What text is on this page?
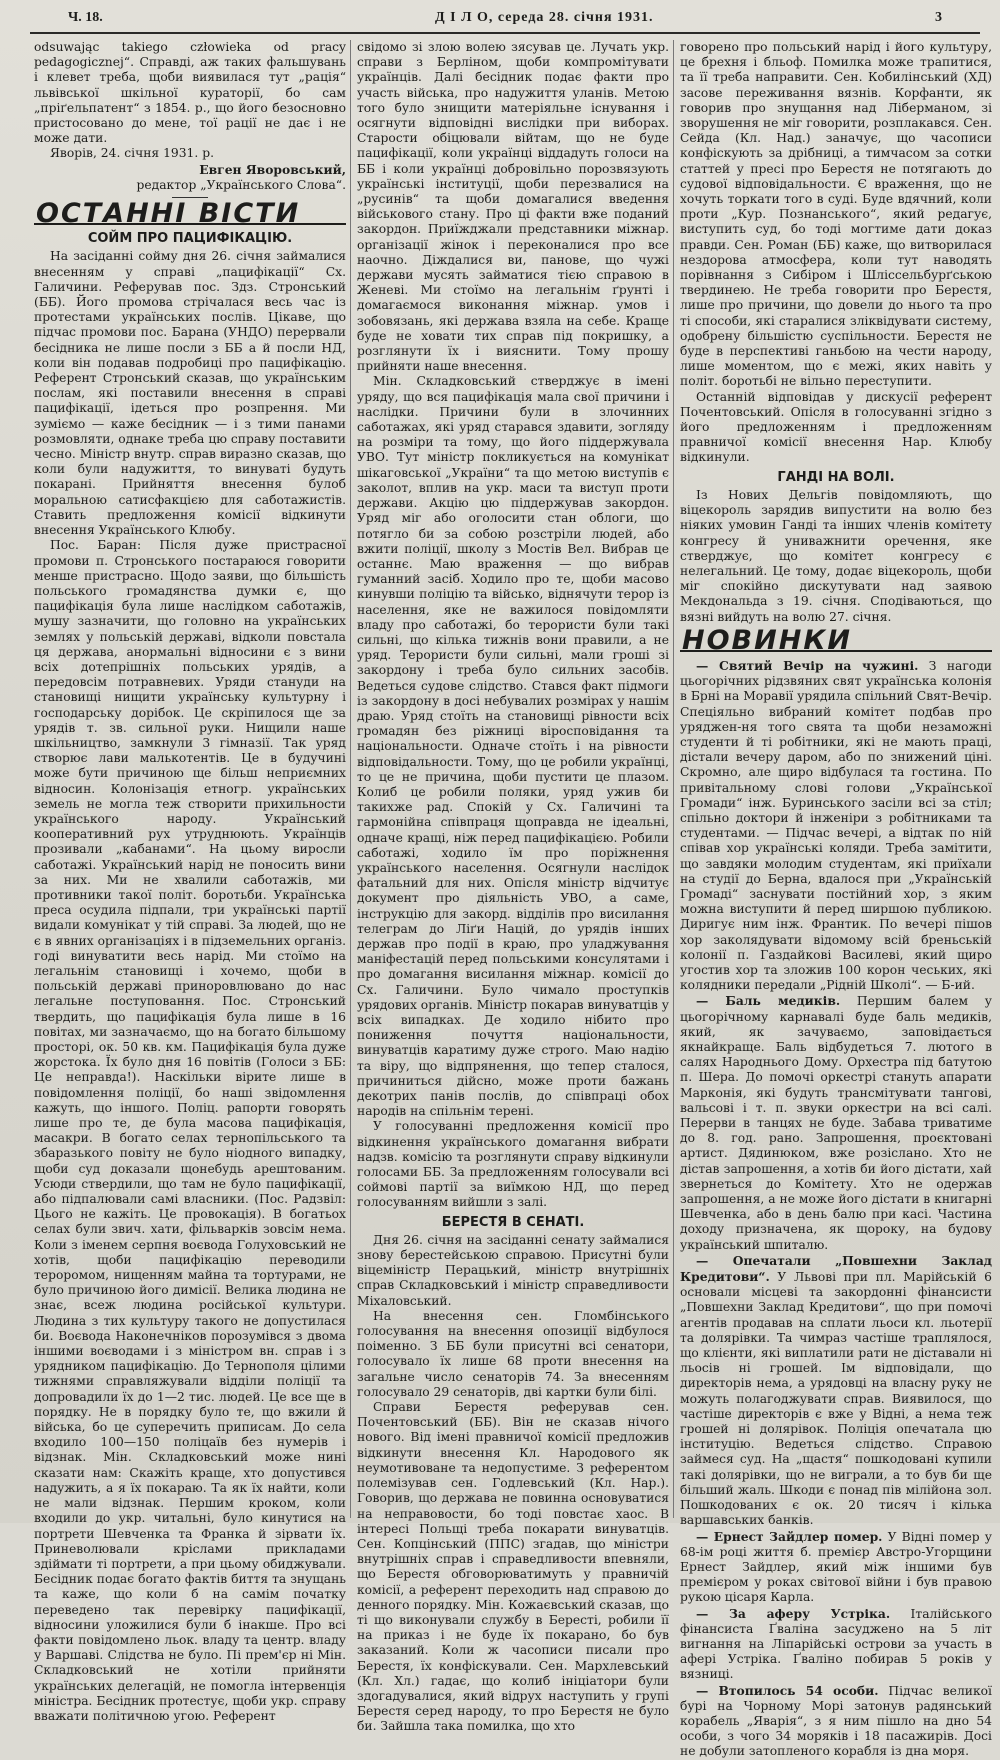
Ч. 18.	Д І Л О, середа 28. січня 1931.	3

odsuwając takiego człowieka od pracy pedagogicznej“. Справді, аж таких фальшувань і клевет треба, щоби виявилася тут „рація“ львівської шкільної кураторії, бо сам „пріґельпатент“ з 1854. р., що його безосновно пристосовано до мене, тої рації не дає і не може дати.

Яворів, 24. січня 1931. р.

Евген Яворовський,

редактор „Українського Слова“.

ОСТАННІ ВІСТИ
СОЙМ ПРО ПАЦИФІКАЦІЮ.

На засіданні сойму дня 26. січня займалися внесенням у справі „пацифікації“ Сх. Галичини. Реферував пос. Здз. Стронський (ББ). Його промова стрічалася весь час із протестами українських послів. Цікаве, що підчас промови пос. Барана (УНДО) перервали бесідника не лише посли з ББ а й посли НД, коли він подавав подробиці про пацифікацію. Референт Стронський сказав, що українським послам, які поставили внесення в справі пацифікації, ідеться про розпрення. Ми зуміємо — каже бесідник — і з тими панами розмовляти, однаке треба цю справу поставити чесно. Міністр внутр. справ виразно сказав, що коли були надужиття, то винуваті будуть покарані. Прийняття внесення булоб моральною сатисфакцією для саботажистів. Ставить предложення комісії відкинути внесення Українського Клюбу.

Пос. Баран: Після дуже пристрасної промови п. Стронського постараюся говорити менше пристрасно. Щодо заяви, що більшість польського громадянства думки є, що пацифікація була лише наслідком саботажів, мушу зазначити, що головно на українських землях у польській державі, відколи повстала ця держава, анормальні відносини є з вини всіх дотепрішніх польських урядів, а передовсім потравневих. Уряди стануди на становищі нищити українську культурну і господарську дорібок. Це скріпилося ще за урядів т. зв. сильної руки. Нищили наше шкільництво, замкнули 3 гімназії. Так уряд створює лави малькотентів. Це в будучині може бути причиною ще більш неприємних відносин. Колонізація етногр. українських земель не могла теж створити прихильности українського народу. Український кооперативний рух утруднюють. Українців прозивали „кабанами“. На цьому виросли саботажі. Український нарід не поносить вини за них. Ми не хвалили саботажів, ми противники такої політ. боротьби. Українська преса осудила підпали, три українські партії видали комунікат у тій справі. За людей, що не є в явних організаціях і в підземельних організ. годі винуватити весь нарід. Ми стоїмо на легальнім становищі і хочемо, щоби в польській державі приноровлювано до нас легальне поступовання. Пос. Стронський твердить, що пацифікація була лише в 16 повітах, ми зазначаємо, що на богато більшому просторі, ок. 50 кв. км. Пацифікація була дуже жорстока. Їх було дня 16 повітів (Голоси з ББ: Це неправда!). Наскільки вірите лише в повідомлення поліції, бо наші звідомлення кажуть, що іншого. Поліц. рапорти говорять лише про те, де була масова пацифікація, масакри. В богато селах тернопільського та збаразького повіту не було ніодного випадку, щоби суд доказали щонебудь арештованим. Усюди ствердили, що там не було пацифікації, або підпалювали самі власники. (Пос. Радзвіл: Цього не кажіть. Це провокація). В богатьох селах були звич. хати, фільварків зовсім нема. Коли з іменем серпня воєвода Голуховський не хотів, щоби пацифікацію переводили тероромом, нищенням майна та тортурами, не було причиною його димісії. Велика людина не знає, всеж людина російської культури. Людина з тих культуру такого не допустилася би. Воєвода Наконечніков порозумівся з двома іншими воєводами і з міністром вн. справ і з урядником пацифікацію. До Тернополя цілими тижнями справляжували відділи поліції та допровадили їх до 1—2 тис. людей. Це все ще в порядку. Не в порядку було те, що вжили й війська, бо це суперечить приписам. До села входило 100—150 поліцаїв без нумерів і відзнак. Мін. Складковський може нині сказати нам: Скажіть краще, хто допустився надужить, а я їх покараю. Та як їх найти, коли не мали відзнак. Першим кроком, коли входили до укр. читальні, було кинутися на портрети Шевченка та Франка й зірвати їх. Приневолювали кріслами прикладами здіймати ті портрети, а при цьому обиджували. Бесідник подає богато фактів биття та знущань та каже, що коли б на самім початку переведено так перевірку пацифікації, відносини уложилися були б інакше. Про всі факти повідомлено льок. владу та центр. владу у Варшаві. Слідства не було. Пі прем'єр ні Мін. Складковський не хотіли прийняти українських делегацій, не помогла інтервенція міністра. Бесідник протестує, щоби укр. справу вважати політичною угою. Референт

свідомо зі злою волею зясував це. Лучать укр. справи з Берліном, щоби компромітувати українців. Далі бесідник подає факти про участь війська, про надужиття уланів. Метою того було знищити матеріяльне існування і осягнути відповідні вислідки при виборах. Старости обіцювали війтам, що не буде пацифікації, коли українці віддадуть голоси на ББ і коли українці добровільно порозвязують українські інституції, щоби перезвалися на „русинів“ та щоби домагалися введення військового стану. Про ці факти вже поданий закордон. Приїжджали представники міжнар. організації жінок і переконалися про все наочно. Діждалися ви, панове, що чужі держави мусять займатися тією справою в Женеві. Ми стоїмо на легальнім ґрунті і домагаємося виконання міжнар. умов і зобовязань, які держава взяла на себе. Краще буде не ховати тих справ під покришку, а розглянути їх і вияснити. Тому прошу прийняти наше внесення.

Мін. Складковський стверджує в імені уряду, що вся пацифікація мала свої причини і наслідки. Причини були в злочинних саботажах, які уряд старався здавити, зогляду на розміри та тому, що його піддержувала УВО. Тут міністр покликується на комунікат шікаговської „України“ та що метою виступів є заколот, вплив на укр. маси та виступ проти держави. Акцію цю піддержував закордон. Уряд міг або оголосити стан облоги, що потягло би за собою розстріли людей, або вжити поліції, школу з Мостів Вел. Вибрав це останнє. Маю враження — що вибрав гуманний засіб. Ходило про те, щоби масово кинувши поліцію та військо, віднячути терор із населення, яке не важилося повідомляти владу про саботажі, бо терористи були такі сильні, що кілька тижнів вони правили, а не уряд. Терористи були сильні, мали гроші зі закордону і треба було сильних засобів. Ведеться судове слідство. Стався факт підмоги із закордону в досі небувалих розмірах у нашім драю. Уряд стоїть на становищі рівности всіх громадян без ріжниці віросповідання та національности. Одначе стоїть і на рівности відповідальности. Тому, що це робили українці, то це не причина, щоби пустити це плазом. Колиб це робили поляки, уряд ужив би такихже рад. Спокій у Сх. Галичині та гармонійна співпраця щоправда не ідеальні, одначе кращі, ніж перед пацифікацією. Робили саботажі, ходило їм про поріжнення українського населення. Осягнули наслідок фатальний для них. Опісля міністр відчитує документ про діяльність УВО, а саме, інструкцію для закорд. відділів про висилання телеграм до Ліґи Націй, до урядів інших держав про події в краю, про уладжування маніфестацій перед польськими консулятами і про домагання висилання міжнар. комісії до Сх. Галичини. Було чимало проступків урядових органів. Міністр покарав винуватців у всіх випадках. Де ходило нібито про пониження почуття національности, винуватців каратиму дуже строго. Маю надію та віру, що відпрянення, що тепер сталося, причиниться дійсно, може проти бажань декотрих панів послів, до співпраці обох народів на спільнім терені.

У голосуванні предложення комісії про відкинення українського домагання вибрати надзв. комісію та розглянути справу відкинули голосами ББ. За предложенням голосували всі соймові партії за виїмкою НД, що перед голосуванням вийшли з залі.

БЕРЕСТЯ В СЕНАТІ.

Дня 26. січня на засіданні сенату займалися знову берестейською справою. Присутні були віцеміністр Перацький, міністр внутрішніх справ Складковський і міністр справедливости Міхаловський.

На внесення сен. Гломбінського голосування на внесення опозиції відбулося поіменно. З ББ були присутні всі сенатори, голосувало їх лише 68 проти внесення на загальне число сенаторів 74. За внесенням голосувало 29 сенаторів, дві картки були білі.

Справи Берестя реферував сен. Почентовський (ББ). Він не сказав нічого нового. Від імені правничої комісії предложив відкинути внесення Кл. Народового як неумотивоване та недопустиме. З референтом полемізував сен. Годлевський (Кл. Нар.). Говорив, що держава не повинна основуватися на неправовости, бо тоді повстає хаос. В інтересі Польщі треба покарати винуватців. Сен. Копцінський (ППС) згадав, що міністри внутрішніх справ і справедливости впевняли, що Берестя обговорюватимуть у правничій комісії, а референт переходить над справою до денного порядку. Мін. Кожаєвський сказав, що ті що виконували службу в Бересті, робили її на приказ і не буде їх покарано, бо був заказаний. Коли ж часописи писали про Берестя, їх конфіскували. Сен. Мархлевський (Кл. Хл.) гадає, що колиб ініціатори були здогадувалися, який відрух наступить у групі Берестя серед народу, то про Берестя не було би. Зайшла така помилка, що хто

говорено про польський нарід і його культуру, це брехня і бльоф. Помилка може трапитися, та її треба направити. Сен. Кобилінський (ХД) засове переживання вязнів. Корфанти, як говорив про знущання над Ліберманом, зі зворушення не міг говорити, розплакався. Сен. Сейда (Кл. Над.) заначує, що часописи конфіскують за дрібниці, а тимчасом за сотки статтей у пресі про Берестя не потягають до судової відповідальности. Є враження, що не хочуть торкати того в суді. Буде вдячний, коли проти „Кур. Познанського“, який редагує, виступить суд, бо тоді могтиме дати доказ правди. Сен. Роман (ББ) каже, що витворилася нездорова атмосфера, коли тут наводять порівнання з Сибіром і Шліссельбурґською твердинею. Не треба говорити про Берестя, лише про причини, що довели до нього та про ті способи, які старалися зліквідувати систему, одобрену більшістю суспільности. Берестя не буде в перспективі ганьбою на чести народу, лише моментом, що є межі, яких навіть у політ. боротьбі не вільно переступити.

Останній відповідав у дискусії референт Почентовський. Опісля в голосуванні згідно з його предложенням і предложенням правничої комісії внесення Нар. Клюбу відкинули.

ГАНДІ НА ВОЛІ.

Із Нових Дельгів повідомляють, що віцекороль зарядив випустити на волю без ніяких умовин Ганді та інших членів комітету конгресу й униважнити оречення, яке стверджує, що комітет конгресу є нелегальний. Це тому, додає віцекороль, щоби міг спокійно дискутувати над заявою Мекдональда з 19. січня. Сподіваються, що вязні вийдуть на волю 27. січня.

НОВИНКИ

— Святий Вечір на чужині. З нагоди цьогорічних рідзвяних свят українська колонія в Брні на Моравії урядила спільний Свят-Вечір. Спеціяльно вибраний комітет подбав про уряджен-ня того свята та щоби незаможні студенти й ті робітники, які не мають праці, дістали вечеру даром, або по знижений ціні. Скромно, але щиро відбулася та гостина. По привітальному слові голови „Української Громади“ інж. Буринського засіли всі за стіл; спільно доктори й інженіри з робітниками та студентами. — Підчас вечері, а відтак по ній співав хор українські коляди. Треба замітити, що завдяки молодим студентам, які приїхали на студії до Берна, вдалося при „Українській Громаді“ заснувати постійний хор, з яким можна виступити й перед ширшою публикою. Диригує ним інж. Франтик. По вечері пішов хор заколядувати відомому всій бреньській колонії п. Газдайкові Василеві, який щиро угостив хор та зложив 100 корон чеських, які колядники передали „Рідній Школі“. — Б-ий.

— Баль медиків. Першим балем у цьогорічному карнавалі буде баль медиків, який, як зачуваємо, заповідається якнайкраще. Баль відбудеться 7. лютого в салях Народнього Дому. Орхестра під батутою п. Шера. До помочі оркестрі стануть апарати Марконія, які будуть трансмітувати тангові, вальсові і т. п. звуки оркестри на всі салі. Перерви в танцях не буде. Забава триватиме до 8. год. рано. Запрошення, проєктовані артист. Дядинюком, вже розіслано. Хто не дістав запрошення, а хотів би його дістати, хай звернеться до Комітету. Хто не одержав запрошення, а не може його дістати в книгарні Шевченка, або в день балю при касі. Частина доходу призначена, як щороку, на будову український шпиталю.

— Опечатали „Повшехни Заклад Кредитови“. У Львові при пл. Марійській 6 основали місцеві та закордонні фінансисти „Повшехни Заклад Кредитови“, що при помочі агентів продавав на сплати льоси кл. льотерії та долярівки. Та чимраз частіше траплялося, що клієнти, які виплатили рати не діставали ні льосів ні грошей. Ім відповідали, що директорів нема, а урядовці на власну руку не можуть полагоджувати справ. Виявилося, що частіше директорів є вже у Відні, а нема теж грошей ні долярівок. Поліція опечатала цю інституцію. Ведеться слідство. Справою займеся суд. На „щастя“ пошкодовані купили такі долярівки, що не виграли, а то був би ще більший жаль. Шкоди є понад пів мілійона зол. Пошкодованих є ок. 20 тисяч і кілька варшавських банків.

— Ернест Зайдлер помер. У Відні помер у 68-ім році життя б. премієр Австро-Угорщини Ернест Зайдлер, який між іншими був премієром у роках світової війни і був правою рукою цісаря Карла.

— За аферу Устріка. Італійського фінансиста Ґваліна засуджено на 5 літ вигнання на Ліпарійські острови за участь в афері Устріка. Ґваліно побирав 5 років у вязниці.

— Втопилось 54 особи. Підчас великої бурі на Чорному Морі затонув радянський корабель „Яварія“, з я ним пішло на дно 54 особи, з чого 34 моряків і 18 пасажирів. Досі не добули затопленого корабля із дна моря.
